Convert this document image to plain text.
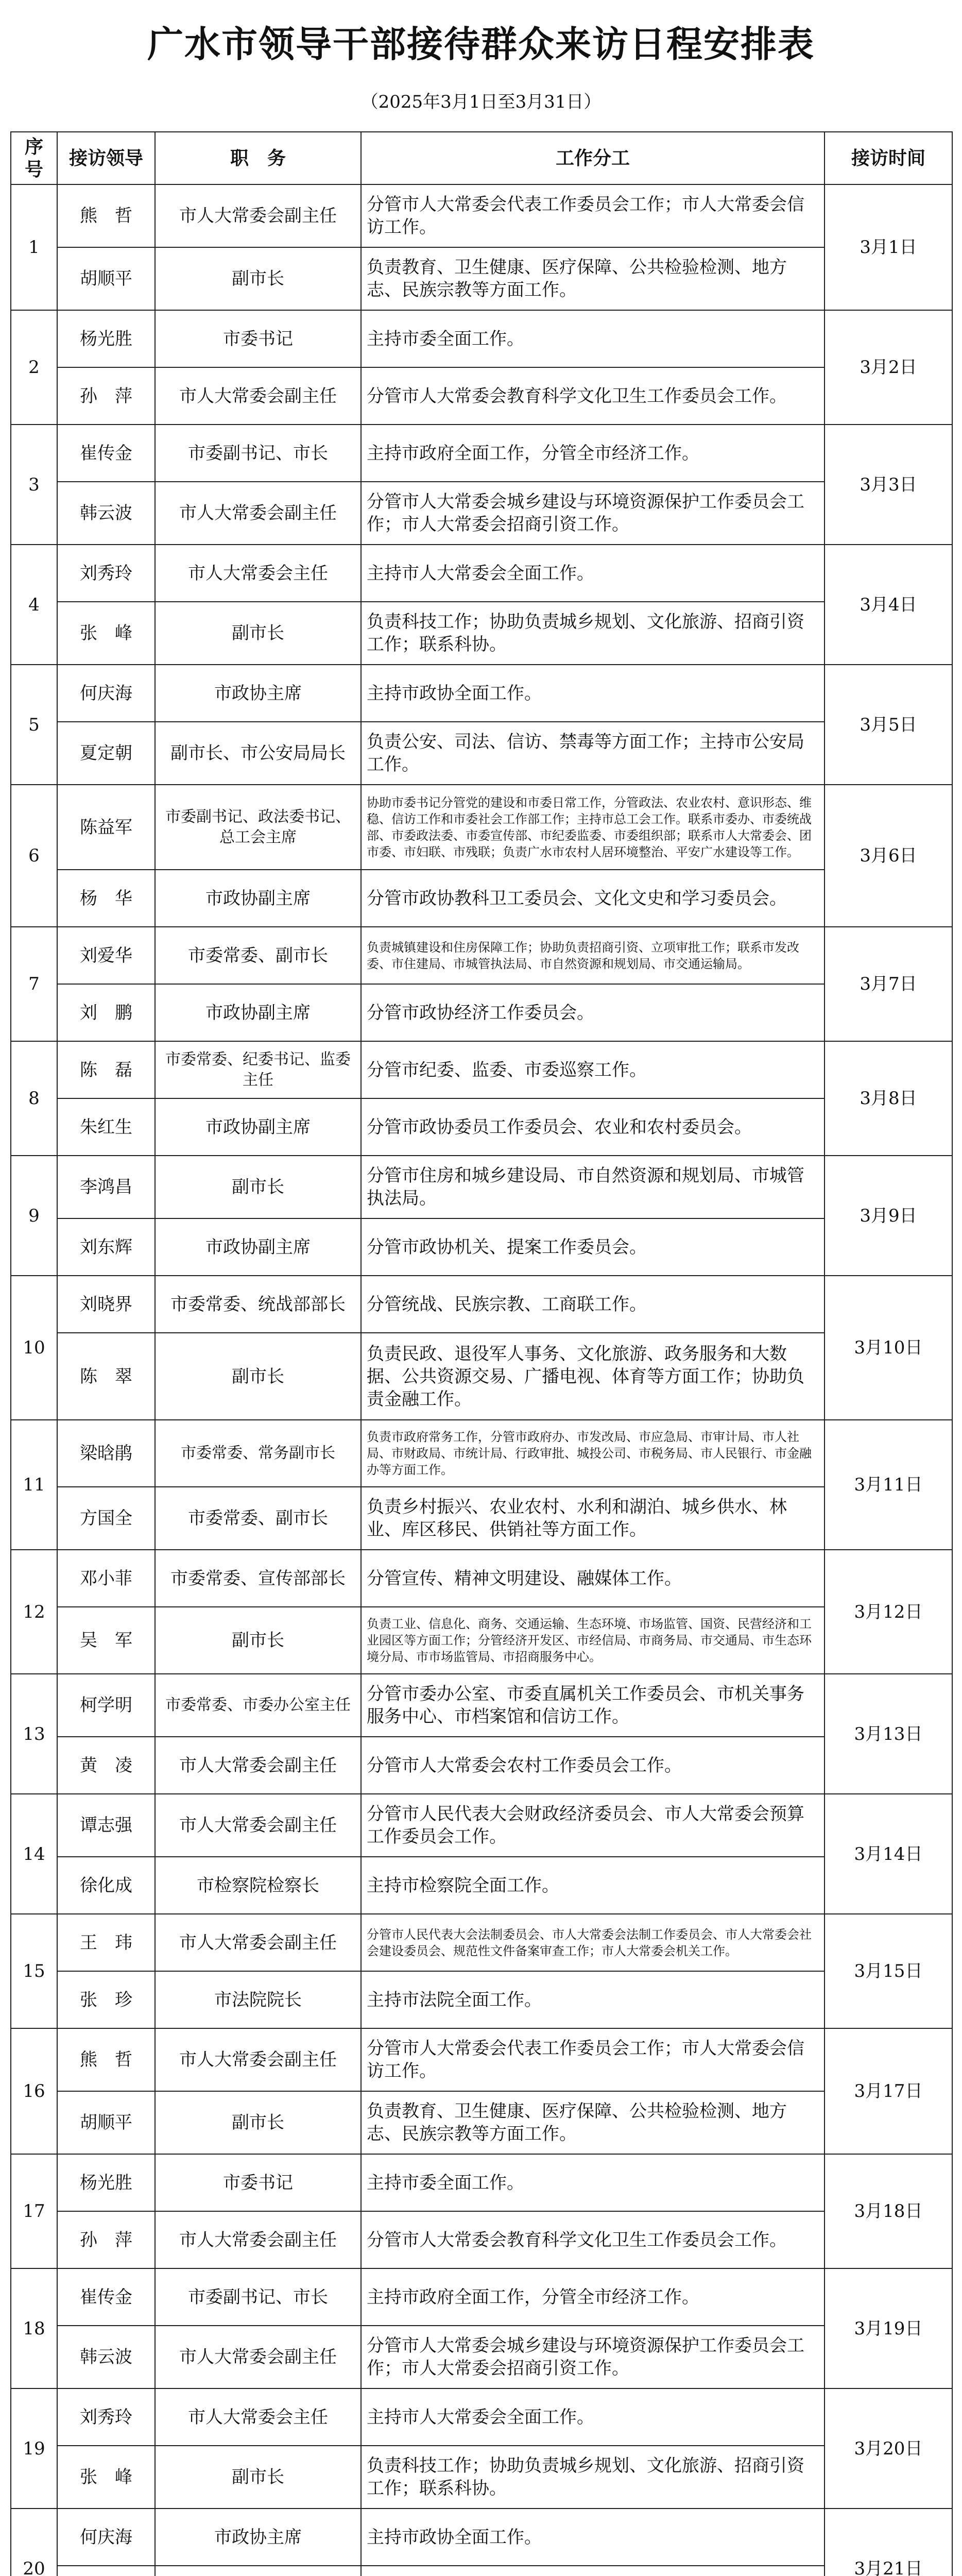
广水市领导干部接待群众来访日程安排表
（2025年3月1日至3月31日）
序号	接访领导	职　务	工作分工	接访时间
1	熊　哲	市人大常委会副主任	分管市人大常委会代表工作委员会工作；市人大常委会信访工作。	3月1日
	胡顺平	副市长	负责教育、卫生健康、医疗保障、公共检验检测、地方志、民族宗教等方面工作。	
2	杨光胜	市委书记	主持市委全面工作。	3月2日
	孙　萍	市人大常委会副主任	分管市人大常委会教育科学文化卫生工作委员会工作。	
3	崔传金	市委副书记、市长	主持市政府全面工作，分管全市经济工作。	3月3日
	韩云波	市人大常委会副主任	分管市人大常委会城乡建设与环境资源保护工作委员会工作；市人大常委会招商引资工作。	
4	刘秀玲	市人大常委会主任	主持市人大常委会全面工作。	3月4日
	张　峰	副市长	负责科技工作；协助负责城乡规划、文化旅游、招商引资工作；联系科协。	
5	何庆海	市政协主席	主持市政协全面工作。	3月5日
	夏定朝	副市长、市公安局局长	负责公安、司法、信访、禁毒等方面工作；主持市公安局工作。	
6	陈益军	市委副书记、政法委书记、总工会主席	协助市委书记分管党的建设和市委日常工作，分管政法、农业农村、意识形态、维稳、信访工作和市委社会工作部工作；主持市总工会工作。联系市委办、市委统战部、市委政法委、市委宣传部、市纪委监委、市委组织部；联系市人大常委会、团市委、市妇联、市残联；负责广水市农村人居环境整治、平安广水建设等工作。	3月6日
	杨　华	市政协副主席	分管市政协教科卫工委员会、文化文史和学习委员会。	
7	刘爱华	市委常委、副市长	负责城镇建设和住房保障工作；协助负责招商引资、立项审批工作；联系市发改委、市住建局、市城管执法局、市自然资源和规划局、市交通运输局。	3月7日
	刘　鹏	市政协副主席	分管市政协经济工作委员会。	
8	陈　磊	市委常委、纪委书记、监委主任	分管市纪委、监委、市委巡察工作。	3月8日
	朱红生	市政协副主席	分管市政协委员工作委员会、农业和农村委员会。	
9	李鸿昌	副市长	分管市住房和城乡建设局、市自然资源和规划局、市城管执法局。	3月9日
	刘东辉	市政协副主席	分管市政协机关、提案工作委员会。	
10	刘晓界	市委常委、统战部部长	分管统战、民族宗教、工商联工作。	3月10日
	陈　翠	副市长	负责民政、退役军人事务、文化旅游、政务服务和大数据、公共资源交易、广播电视、体育等方面工作；协助负责金融工作。	
11	梁晗鹃	市委常委、常务副市长	负责市政府常务工作，分管市政府办、市发改局、市应急局、市审计局、市人社局、市财政局、市统计局、行政审批、城投公司、市税务局、市人民银行、市金融办等方面工作。	3月11日
	方国全	市委常委、副市长	负责乡村振兴、农业农村、水利和湖泊、城乡供水、林业、库区移民、供销社等方面工作。	
12	邓小菲	市委常委、宣传部部长	分管宣传、精神文明建设、融媒体工作。	3月12日
	吴　军	副市长	负责工业、信息化、商务、交通运输、生态环境、市场监管、国资、民营经济和工业园区等方面工作；分管经济开发区、市经信局、市商务局、市交通局、市生态环境分局、市市场监管局、市招商服务中心。	
13	柯学明	市委常委、市委办公室主任	分管市委办公室、市委直属机关工作委员会、市机关事务服务中心、市档案馆和信访工作。	3月13日
	黄　凌	市人大常委会副主任	分管市人大常委会农村工作委员会工作。	
14	谭志强	市人大常委会副主任	分管市人民代表大会财政经济委员会、市人大常委会预算工作委员会工作。	3月14日
	徐化成	市检察院检察长	主持市检察院全面工作。	
15	王　玮	市人大常委会副主任	分管市人民代表大会法制委员会、市人大常委会法制工作委员会、市人大常委会社会建设委员会、规范性文件备案审查工作；市人大常委会机关工作。	3月15日
	张　珍	市法院院长	主持市法院全面工作。	
16	熊　哲	市人大常委会副主任	分管市人大常委会代表工作委员会工作；市人大常委会信访工作。	3月17日
	胡顺平	副市长	负责教育、卫生健康、医疗保障、公共检验检测、地方志、民族宗教等方面工作。	
17	杨光胜	市委书记	主持市委全面工作。	3月18日
	孙　萍	市人大常委会副主任	分管市人大常委会教育科学文化卫生工作委员会工作。	
18	崔传金	市委副书记、市长	主持市政府全面工作，分管全市经济工作。	3月19日
	韩云波	市人大常委会副主任	分管市人大常委会城乡建设与环境资源保护工作委员会工作；市人大常委会招商引资工作。	
19	刘秀玲	市人大常委会主任	主持市人大常委会全面工作。	3月20日
	张　峰	副市长	负责科技工作；协助负责城乡规划、文化旅游、招商引资工作；联系科协。	
20	何庆海	市政协主席	主持市政协全面工作。	3月21日
